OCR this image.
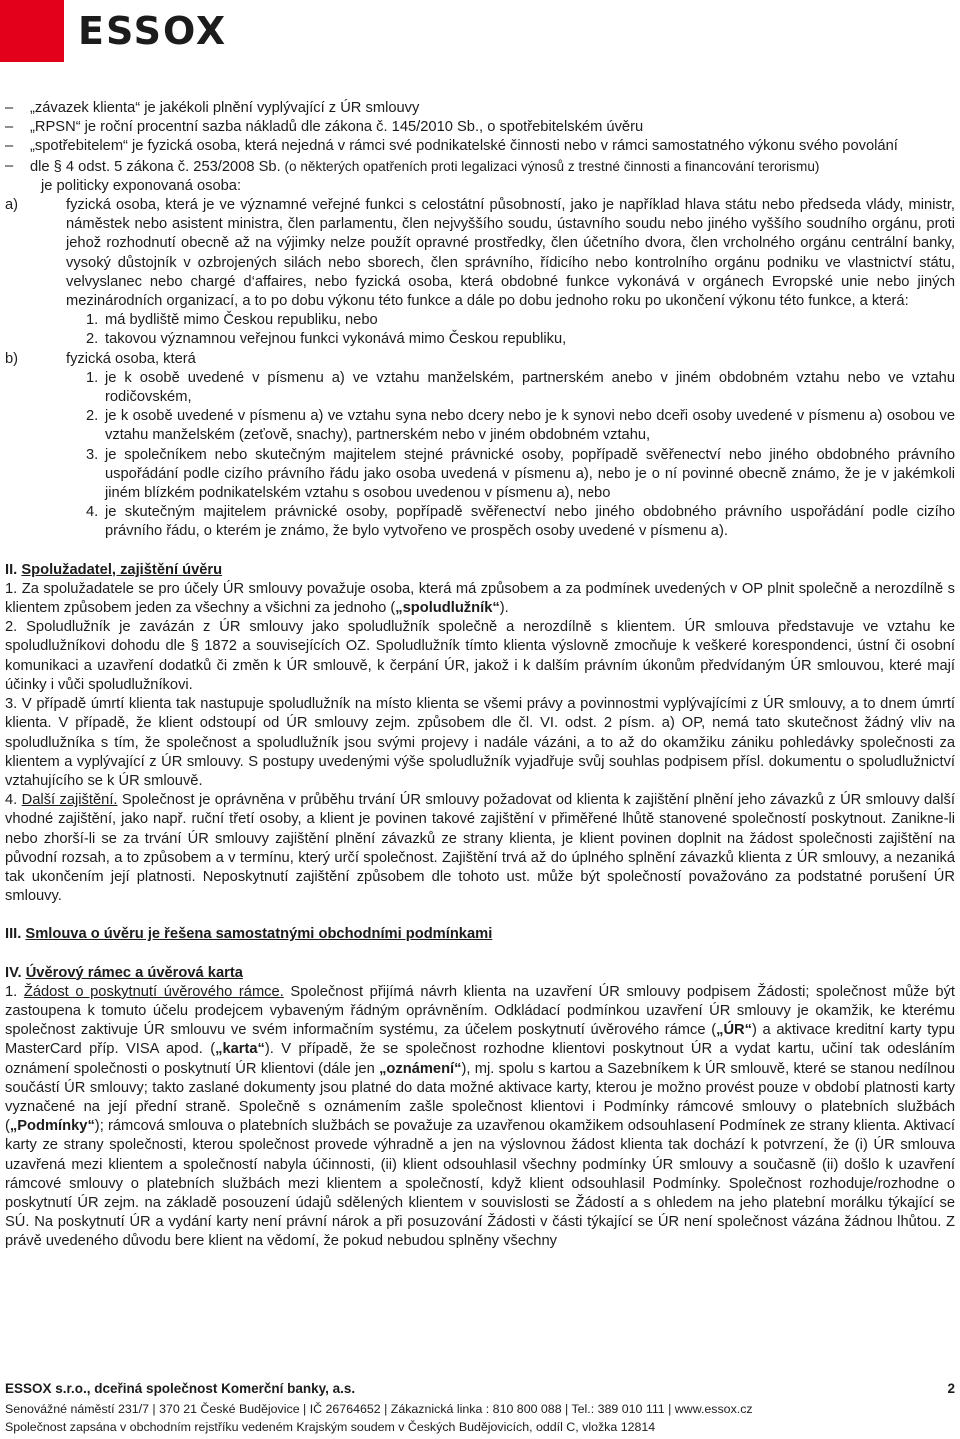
ESSOX
–	„závazek klienta“ je jakékoli plnění vyplývající z ÚR smlouvy
–	„RPSN“ je roční procentní sazba nákladů dle zákona č. 145/2010 Sb., o spotřebitelském úvěru
–	„spotřebitelem“ je fyzická osoba, která nejedná v rámci své podnikatelské činnosti nebo v rámci samostatného výkonu svého povolání
–	dle § 4 odst. 5 zákona č. 253/2008 Sb. (o některých opatřeních proti legalizaci výnosů z trestné činnosti a financování terorismu)
je politicky exponovaná osoba:
a)	fyzická osoba, která je ve významné veřejné funkci s celostátní působností, jako je například hlava státu nebo předseda vlády, ministr, náměstek nebo asistent ministra, člen parlamentu, člen nejvyššího soudu, ústavního soudu nebo jiného vyššího soudního orgánu, proti jehož rozhodnutí obecně až na výjimky nelze použít opravné prostředky, člen účetního dvora, člen vrcholného orgánu centrální banky, vysoký důstojník v ozbrojených silách nebo sborech, člen správního, řídicího nebo kontrolního orgánu podniku ve vlastnictví státu, velvyslanec nebo chargé d‘affaires, nebo fyzická osoba, která obdobné funkce vykonává v orgánech Evropské unie nebo jiných mezinárodních organizací, a to po dobu výkonu této funkce a dále po dobu jednoho roku po ukončení výkonu této funkce, a která:
1. má bydliště mimo Českou republiku, nebo
2. takovou významnou veřejnou funkci vykonává mimo Českou republiku,
b)	fyzická osoba, která
1. je k osobě uvedené v písmenu a) ve vztahu manželském, partnerském anebo v jiném obdobném vztahu nebo ve vztahu rodičovském,
2. je k osobě uvedené v písmenu a) ve vztahu syna nebo dcery nebo je k synovi nebo dceři osoby uvedené v písmenu a) osobou ve vztahu manželském (zeťově, snachy), partnerském nebo v jiném obdobném vztahu,
3. je společníkem nebo skutečným majitelem stejné právnické osoby, popřípadě svěřenectví nebo jiného obdobného právního uspořádání podle cizího právního řádu jako osoba uvedená v písmenu a), nebo je o ní povinné obecně známo, že je v jakémkoli jiném blízkém podnikatelském vztahu s osobou uvedenou v písmenu a), nebo
4. je skutečným majitelem právnické osoby, popřípadě svěřenectví nebo jiného obdobného právního uspořádání podle cizího právního řádu, o kterém je známo, že bylo vytvořeno ve prospěch osoby uvedené v písmenu a).
II. Spolužadatel, zajištění úvěru

1. Za spolužadatele se pro účely ÚR smlouvy považuje osoba, která má způsobem a za podmínek uvedených v OP plnit společně a nerozdílně s klientem způsobem jeden za všechny a všichni za jednoho („spoludlužník“).

2. Spoludlužník je zavázán z ÚR smlouvy jako spoludlužník společně a nerozdílně s klientem. ÚR smlouva představuje ve vztahu ke spoludlužníkovi dohodu dle § 1872 a souvisejících OZ. Spoludlužník tímto klienta výslovně zmocňuje k veškeré korespondenci, ústní či osobní komunikaci a uzavření dodatků či změn k ÚR smlouvě, k čerpání ÚR, jakož i k dalším právním úkonům předvídaným ÚR smlouvou, které mají účinky i vůči spoludlužníkovi.

3. V případě úmrtí klienta tak nastupuje spoludlužník na místo klienta se všemi právy a povinnostmi vyplývajícími z ÚR smlouvy, a to dnem úmrtí klienta. V případě, že klient odstoupí od ÚR smlouvy zejm. způsobem dle čl. VI. odst. 2 písm. a) OP, nemá tato skutečnost žádný vliv na spoludlužníka s tím, že společnost a spoludlužník jsou svými projevy i nadále vázáni, a to až do okamžiku zániku pohledávky společnosti za klientem a vyplývající z ÚR smlouvy. S postupy uvedenými výše spoludlužník vyjadřuje svůj souhlas podpisem přísl. dokumentu o spoludlužnictví vztahujícího se k ÚR smlouvě.

4. Další zajištění. Společnost je oprávněna v průběhu trvání ÚR smlouvy požadovat od klienta k zajištění plnění jeho závazků z ÚR smlouvy další vhodné zajištění, jako např. ruční třetí osoby, a klient je povinen takové zajištění v přiměřené lhůtě stanovené společností poskytnout. Zanikne-li nebo zhorší-li se za trvání ÚR smlouvy zajištění plnění závazků ze strany klienta, je klient povinen doplnit na žádost společnosti zajištění na původní rozsah, a to způsobem a v termínu, který určí společnost. Zajištění trvá až do úplného splnění závazků klienta z ÚR smlouvy, a nezaniká tak ukončením její platnosti. Neposkytnutí zajištění způsobem dle tohoto ust. může být společností považováno za podstatné porušení ÚR smlouvy.

III. Smlouva o úvěru je řešena samostatnými obchodními podmínkami
IV. Úvěrový rámec a úvěrová karta

1. Žádost o poskytnutí úvěrového rámce. Společnost přijímá návrh klienta na uzavření ÚR smlouvy podpisem Žádosti; společnost může být zastoupena k tomuto účelu prodejcem vybaveným řádným oprávněním. Odkládací podmínkou uzavření ÚR smlouvy je okamžik, ke kterému společnost zaktivuje ÚR smlouvu ve svém informačním systému, za účelem poskytnutí úvěrového rámce („ÚR“) a aktivace kreditní karty typu MasterCard příp. VISA apod. („karta“). V případě, že se společnost rozhodne klientovi poskytnout ÚR a vydat kartu, učiní tak odesláním oznámení společnosti o poskytnutí ÚR klientovi (dále jen „oznámení“), mj. spolu s kartou a Sazebníkem k ÚR smlouvě, které se stanou nedílnou součástí ÚR smlouvy; takto zaslané dokumenty jsou platné do data možné aktivace karty, kterou je možno provést pouze v období platnosti karty vyznačené na její přední straně. Společně s oznámením zašle společnost klientovi i Podmínky rámcové smlouvy o platebních službách („Podmínky“); rámcová smlouva o platebních službách se považuje za uzavřenou okamžikem odsouhlasení Podmínek ze strany klienta. Aktivací karty ze strany společnosti, kterou společnost provede výhradně a jen na výslovnou žádost klienta tak dochází k potvrzení, že (i) ÚR smlouva uzavřená mezi klientem a společností nabyla účinnosti, (ii) klient odsouhlasil všechny podmínky ÚR smlouvy a současně (ii) došlo k uzavření rámcové smlouvy o platebních službách mezi klientem a společností, když klient odsouhlasil Podmínky. Společnost rozhoduje/rozhodne o poskytnutí ÚR zejm. na základě posouzení údajů sdělených klientem v souvislosti se Žádostí a s ohledem na jeho platební morálku týkající se SÚ. Na poskytnutí ÚR a vydání karty není právní nárok a při posuzování Žádosti v části týkající se ÚR není společnost vázána žádnou lhůtou. Z právě uvedeného důvodu bere klient na vědomí, že pokud nebudou splněny všechny

ESSOX s.r.o., dceřiná společnost Komerční banky, a.s.	2
Senovážné náměstí 231/7 | 370 21 České Budějovice | IČ 26764652 | Zákaznická linka : 810 800 088 | Tel.: 389 010 111 | www.essox.cz
Společnost zapsána v obchodním rejstříku vedeném Krajským soudem v Českých Budějovicích, oddíl C, vložka 12814
